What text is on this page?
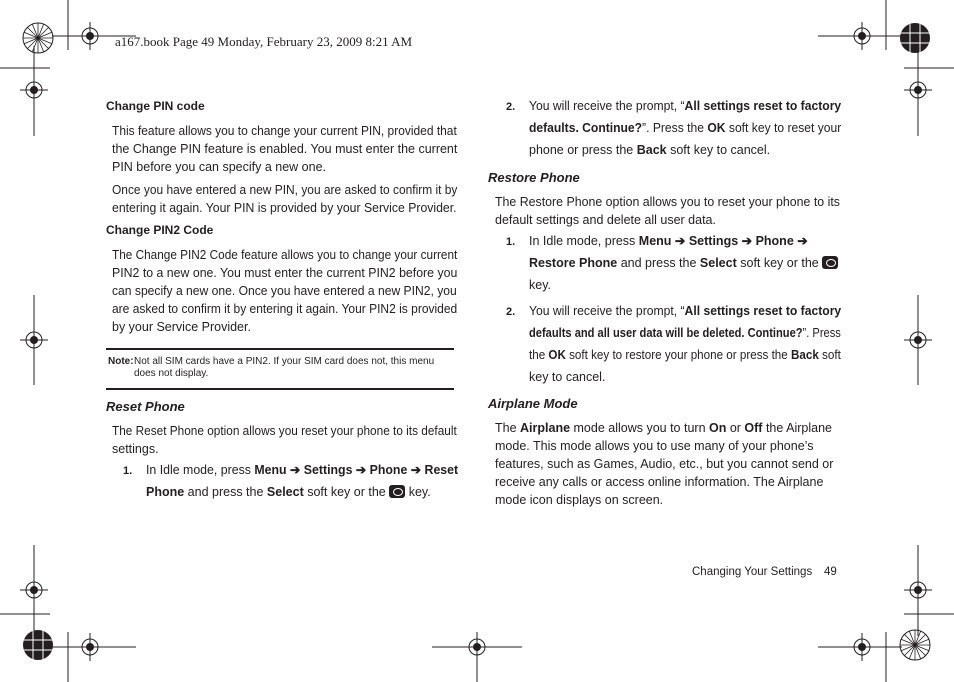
a167.book Page 49 Monday, February 23, 2009 8:21 AM
Change PIN code
This feature allows you to change your current PIN, provided that
the Change PIN feature is enabled. You must enter the current
PIN before you can specify a new one.
Once you have entered a new PIN, you are asked to confirm it by
entering it again. Your PIN is provided by your Service Provider.
Change PIN2 Code
The Change PIN2 Code feature allows you to change your current
PIN2 to a new one. You must enter the current PIN2 before you
can specify a new one. Once you have entered a new PIN2, you
are asked to confirm it by entering it again. Your PIN2 is provided
by your Service Provider.
Note: Not all SIM cards have a PIN2. If your SIM card does not, this menu
does not display.
Reset Phone
The Reset Phone option allows you reset your phone to its default
settings.
1. In Idle mode, press Menu ➔ Settings ➔ Phone ➔ Reset
Phone and press the Select soft key or the  key.
2. You will receive the prompt, “All settings reset to factory
defaults. Continue?”. Press the OK soft key to reset your
phone or press the Back soft key to cancel.
Restore Phone
The Restore Phone option allows you to reset your phone to its
default settings and delete all user data.
1. In Idle mode, press Menu ➔ Settings ➔ Phone ➔
Restore Phone and press the Select soft key or the
key.
2. You will receive the prompt, “All settings reset to factory
defaults and all user data will be deleted. Continue?”. Press
the OK soft key to restore your phone or press the Back soft
key to cancel.
Airplane Mode
The Airplane mode allows you to turn On or Off the Airplane
mode. This mode allows you to use many of your phone’s
features, such as Games, Audio, etc., but you cannot send or
receive any calls or access online information. The Airplane
mode icon displays on screen.
Changing Your Settings 49
